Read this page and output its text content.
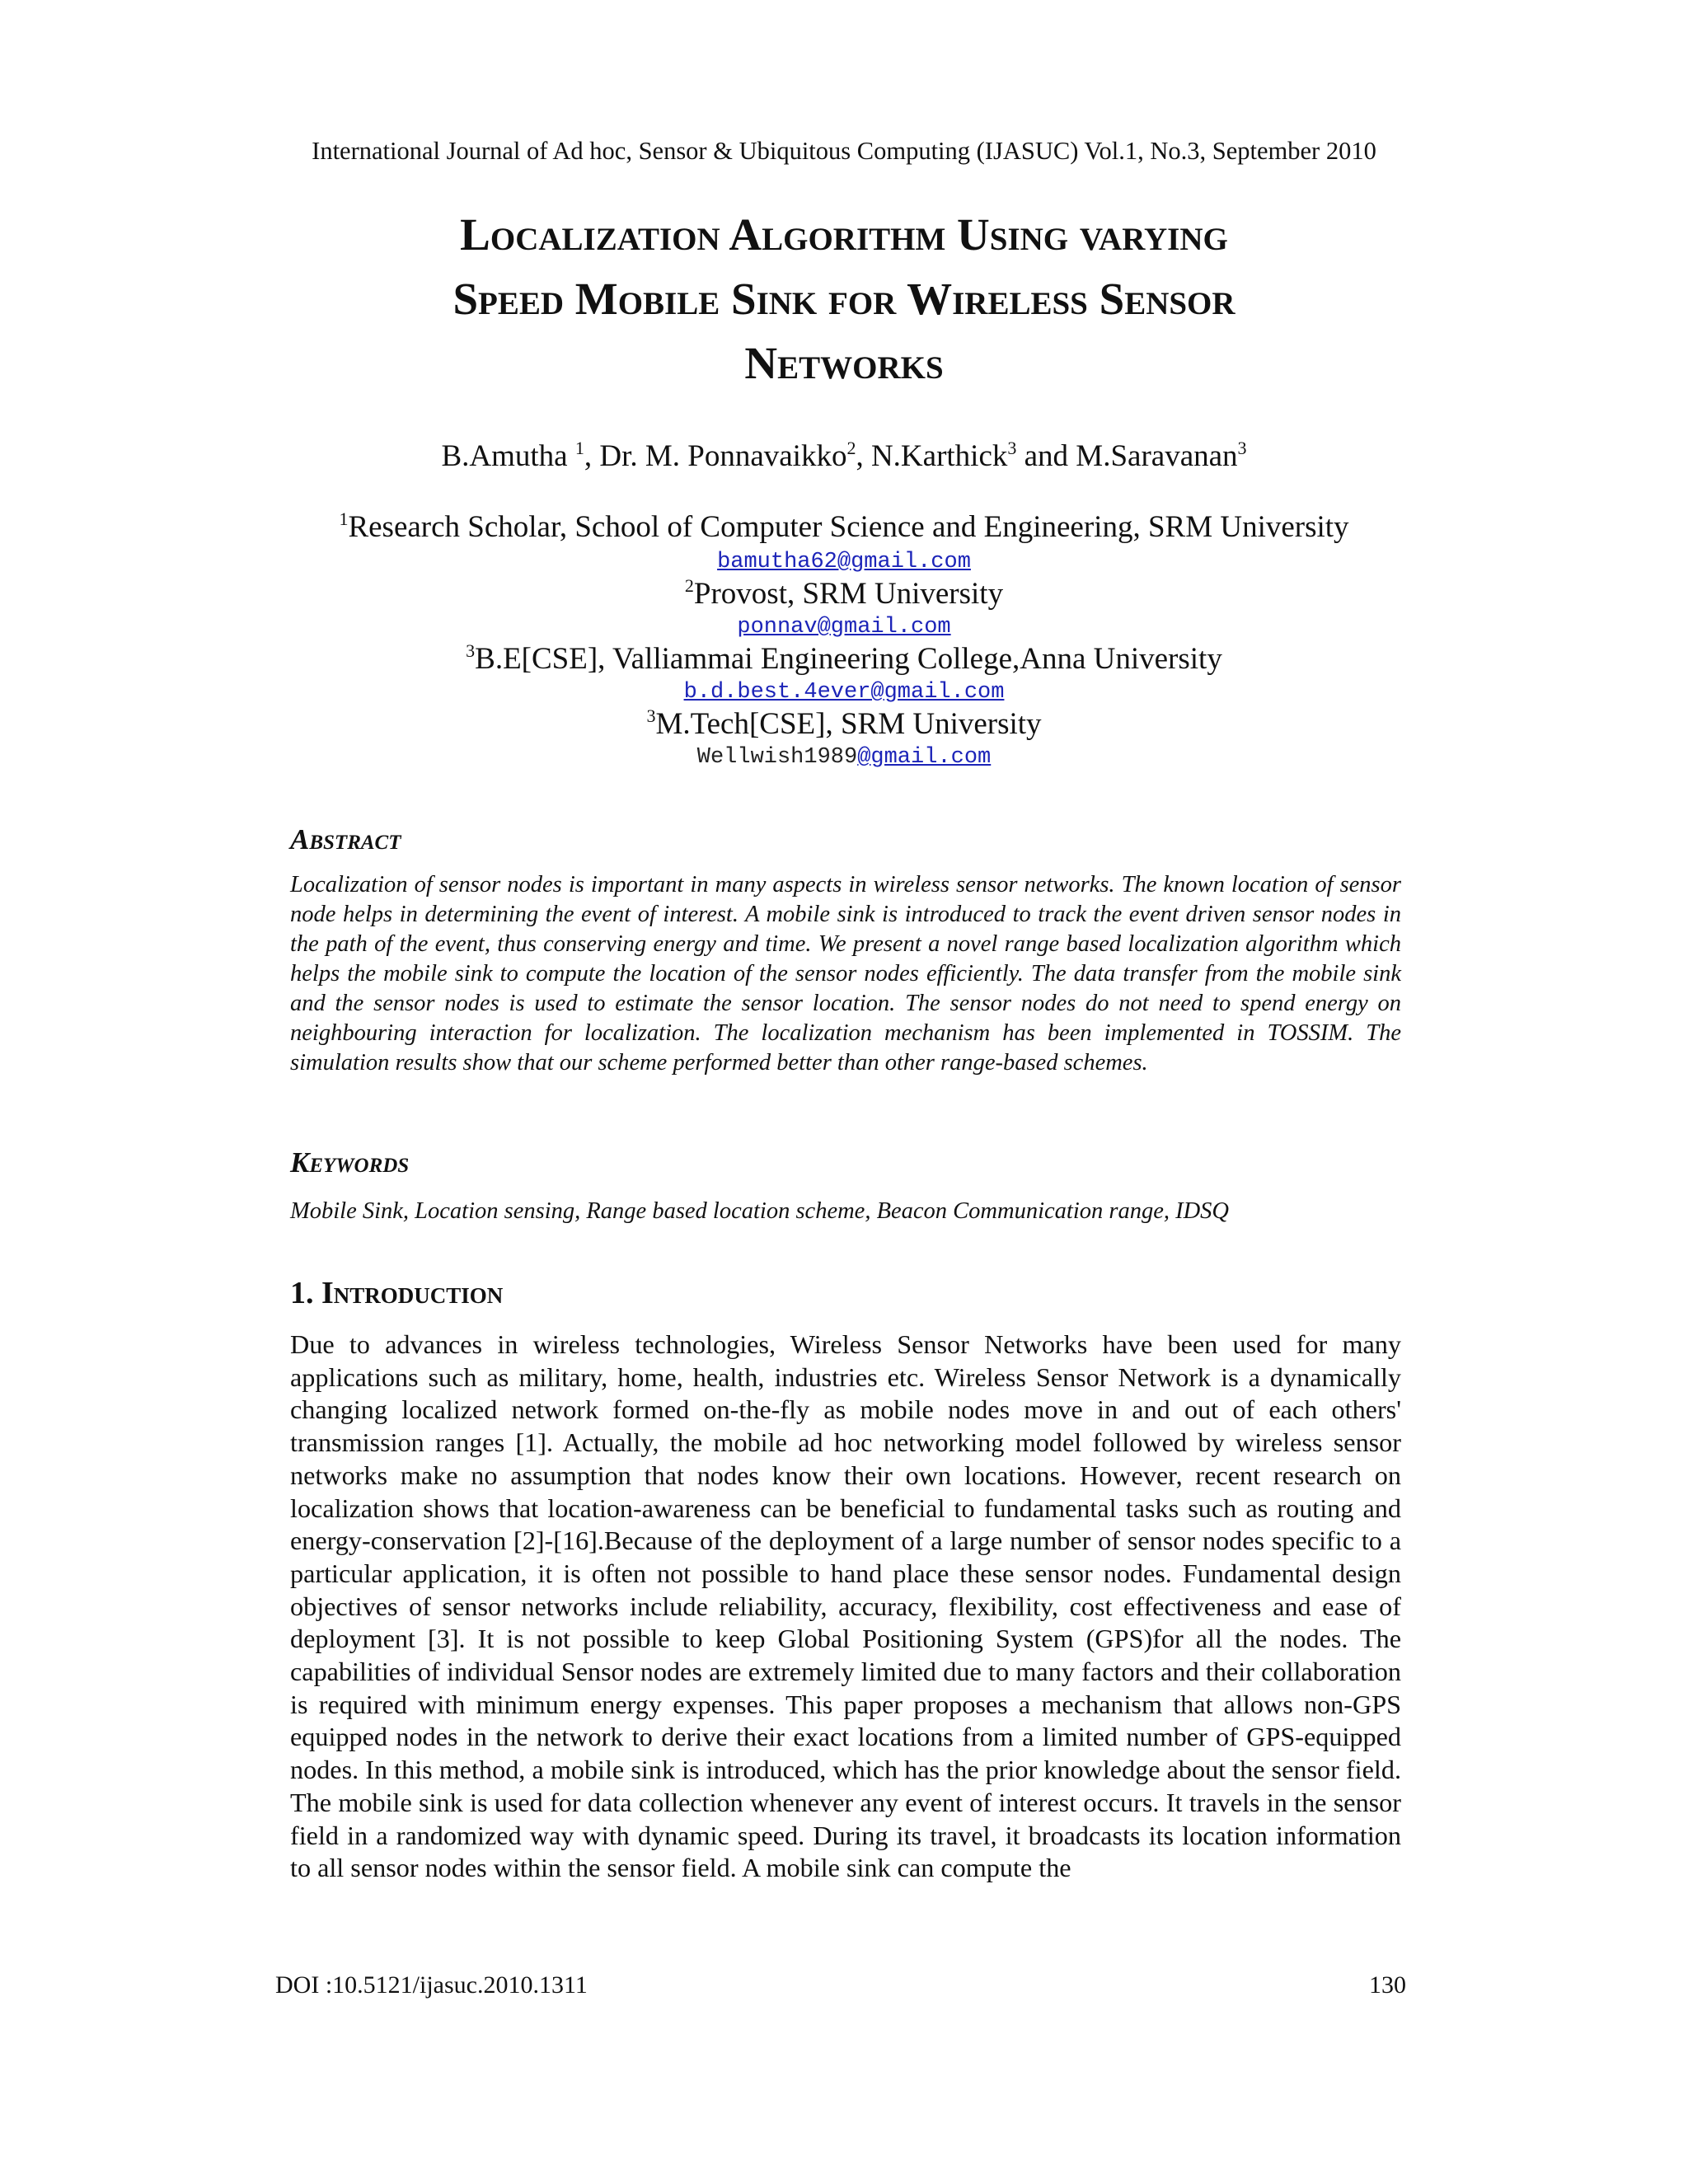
International Journal of Ad hoc, Sensor & Ubiquitous Computing (IJASUC) Vol.1, No.3, September 2010
Localization Algorithm Using varying
Speed Mobile Sink for Wireless Sensor
Networks
B.Amutha $^1$, Dr. M. Ponnavaikko$^2$, N.Karthick$^3$ and M.Saravanan$^3$
$^1$Research Scholar, School of Computer Science and Engineering, SRM University
bamutha62@gmail.com
$^2$Provost, SRM University
ponnav@gmail.com
$^3$B.E[CSE], Valliammai Engineering College,Anna University
b.d.best.4ever@gmail.com
$^3$M.Tech[CSE], SRM University
Wellwish1989@gmail.com
Abstract
Localization of sensor nodes is important in many aspects in wireless sensor networks. The known location of sensor node helps in determining the event of interest. A mobile sink is introduced to track the event driven sensor nodes in the path of the event, thus conserving energy and time. We present a novel range based localization algorithm which helps the mobile sink to compute the location of the sensor nodes efficiently. The data transfer from the mobile sink and the sensor nodes is used to estimate the sensor location. The sensor nodes do not need to spend energy on neighbouring interaction for localization. The localization mechanism has been implemented in TOSSIM. The simulation results show that our scheme performed better than other range-based schemes.
Keywords
Mobile Sink, Location sensing, Range based location scheme, Beacon Communication range, IDSQ
1. Introduction
Due to advances in wireless technologies, Wireless Sensor Networks have been used for many applications such as military, home, health, industries etc. Wireless Sensor Network is a dynamically changing localized network formed on-the-fly as mobile nodes move in and out of each others' transmission ranges [1]. Actually, the mobile ad hoc networking model followed by wireless sensor networks make no assumption that nodes know their own locations. However, recent research on localization shows that location-awareness can be beneficial to fundamental tasks such as routing and energy-conservation [2]-[16].Because of the deployment of a large number of sensor nodes specific to a particular application, it is often not possible to hand place these sensor nodes. Fundamental design objectives of sensor networks include reliability, accuracy, flexibility, cost effectiveness and ease of deployment [3]. It is not possible to keep Global Positioning System (GPS)for all the nodes. The capabilities of individual Sensor nodes are extremely limited due to many factors and their collaboration is required with minimum energy expenses. This paper proposes a mechanism that allows non-GPS equipped nodes in the network to derive their exact locations from a limited number of GPS-equipped nodes. In this method, a mobile sink is introduced, which has the prior knowledge about the sensor field. The mobile sink is used for data collection whenever any event of interest occurs. It travels in the sensor field in a randomized way with dynamic speed. During its travel, it broadcasts its location information to all sensor nodes within the sensor field. A mobile sink can compute the
DOI :10.5121/ijasuc.2010.1311	130
